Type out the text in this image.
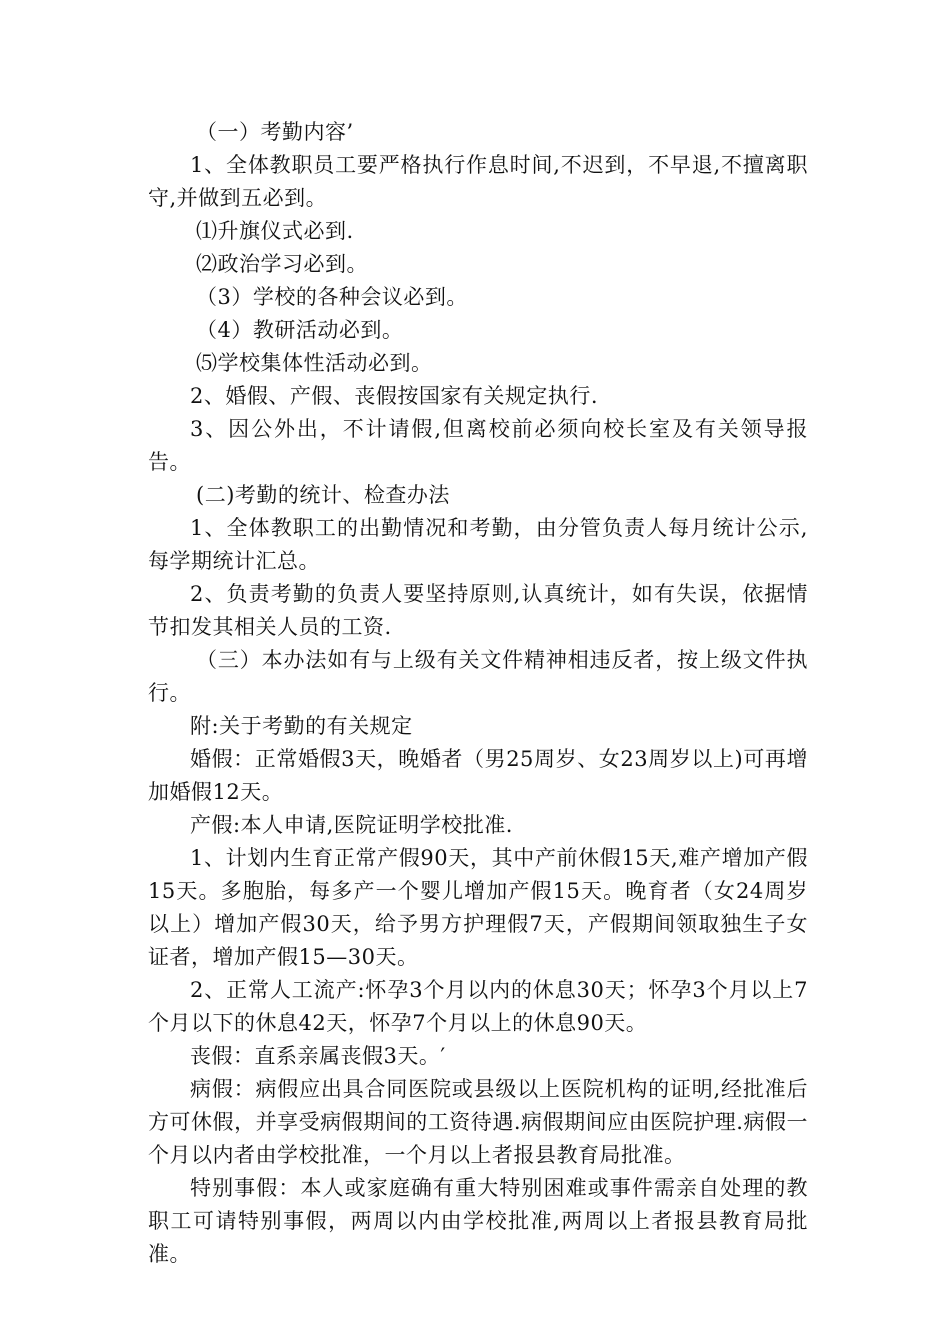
（一）考勤内容’

1、全体教职员工要严格执行作息时间,不迟到，不早退,不擅离职守,并做到五必到。

⑴升旗仪式必到.

⑵政治学习必到。

（3）学校的各种会议必到。

（4）教研活动必到。

⑸学校集体性活动必到。

2、婚假、产假、丧假按国家有关规定执行.

3、因公外出，不计请假,但离校前必须向校长室及有关领导报告。

(二)考勤的统计、检查办法

1、全体教职工的出勤情况和考勤，由分管负责人每月统计公示,每学期统计汇总。

2、负责考勤的负责人要坚持原则,认真统计，如有失误，依据情节扣发其相关人员的工资.

（三）本办法如有与上级有关文件精神相违反者，按上级文件执行。

附:关于考勤的有关规定

婚假：正常婚假3天，晚婚者（男25周岁、女23周岁以上)可再增加婚假12天。

产假:本人申请,医院证明学校批准.

1、计划内生育正常产假90天，其中产前休假15天,难产增加产假15天。多胞胎，每多产一个婴儿增加产假15天。晚育者（女24周岁以上）增加产假30天，给予男方护理假7天，产假期间领取独生子女证者，增加产假15—30天。

2、正常人工流产:怀孕3个月以内的休息30天；怀孕3个月以上7个月以下的休息42天，怀孕7个月以上的休息90天。

丧假：直系亲属丧假3天。′

病假：病假应出具合同医院或县级以上医院机构的证明,经批准后方可休假，并享受病假期间的工资待遇.病假期间应由医院护理.病假一个月以内者由学校批准，一个月以上者报县教育局批准。

特别事假：本人或家庭确有重大特别困难或事件需亲自处理的教职工可请特别事假，两周以内由学校批准,两周以上者报县教育局批准。
